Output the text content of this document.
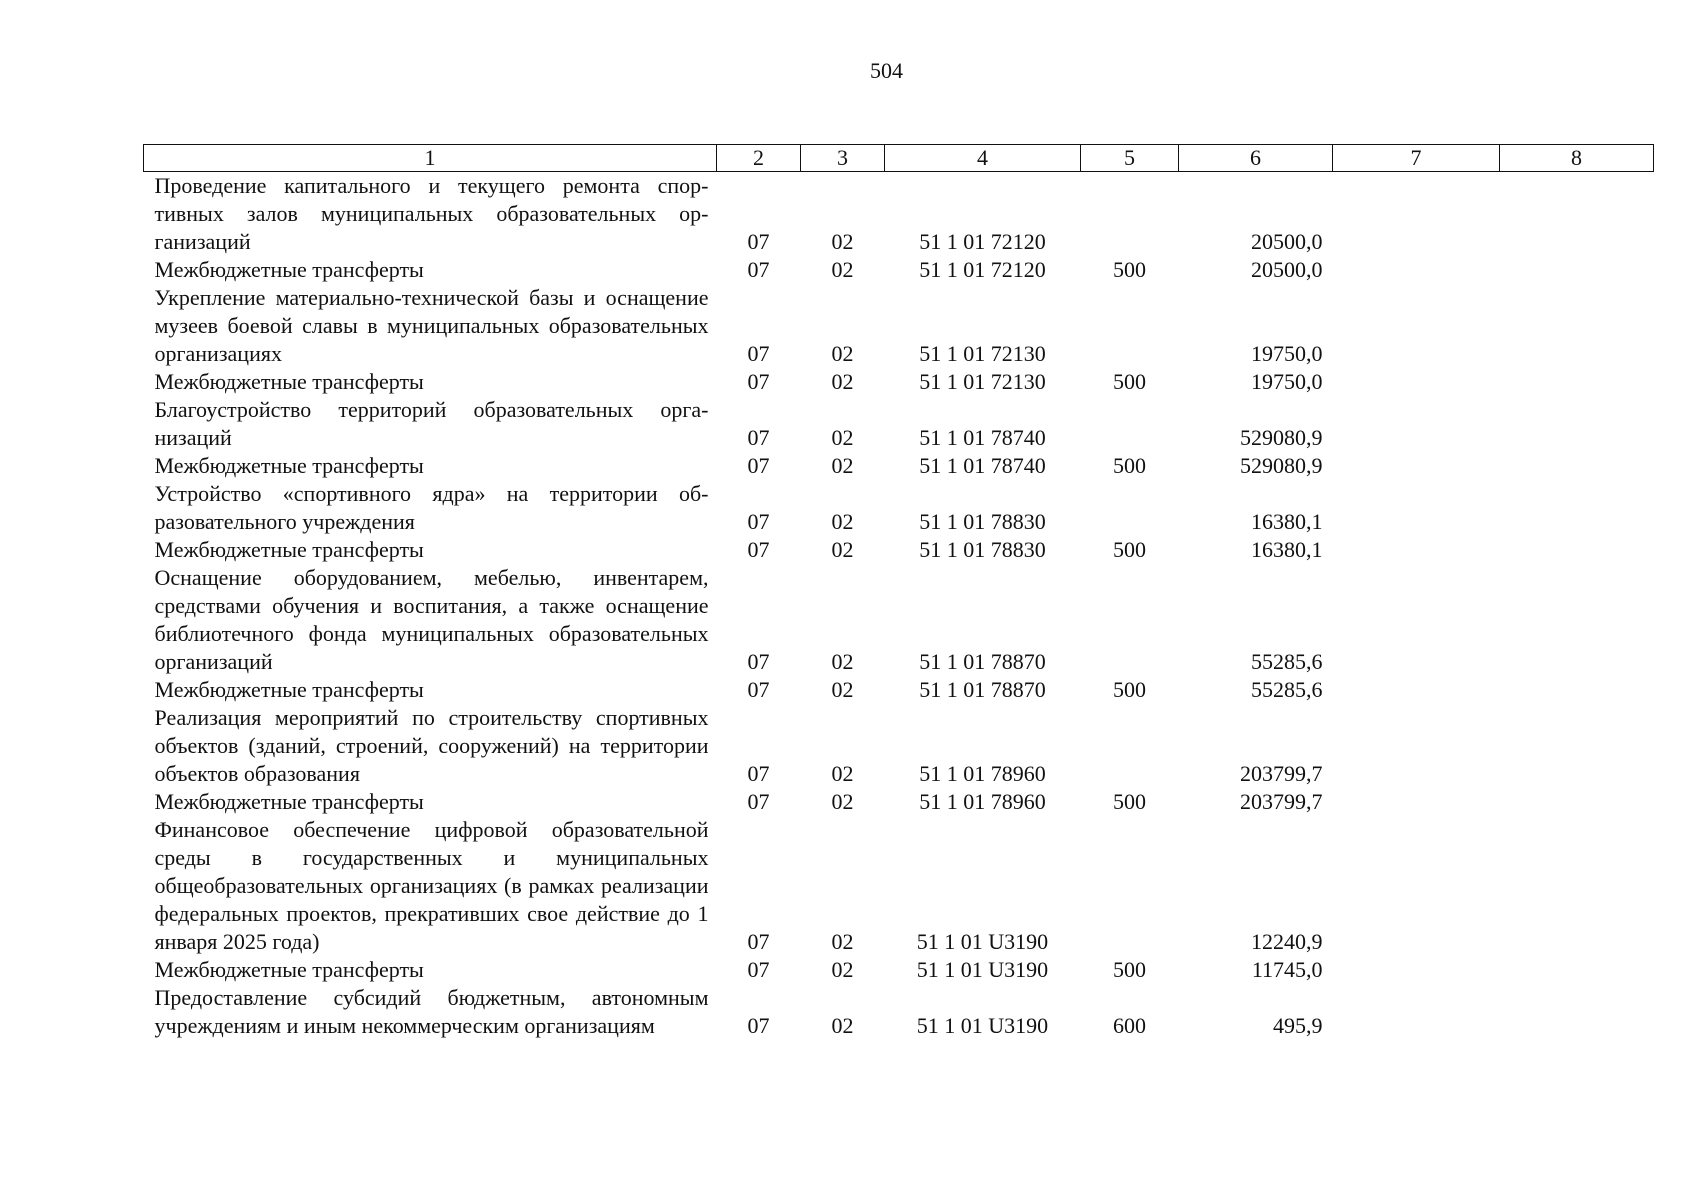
504
1	2	3	4	5	6	7	8
Проведение капитального и текущего ремонта спортивных залов муниципальных образовательных организаций	07	02	51 1 01 72120		20500,0		
Межбюджетные трансферты	07	02	51 1 01 72120	500	20500,0		
Укрепление материально-технической базы и оснащение музеев боевой славы в муниципальных образовательных организациях	07	02	51 1 01 72130		19750,0		
Межбюджетные трансферты	07	02	51 1 01 72130	500	19750,0		
Благоустройство территорий образовательных организаций	07	02	51 1 01 78740		529080,9		
Межбюджетные трансферты	07	02	51 1 01 78740	500	529080,9		
Устройство «спортивного ядра» на территории образовательного учреждения	07	02	51 1 01 78830		16380,1		
Межбюджетные трансферты	07	02	51 1 01 78830	500	16380,1		
Оснащение оборудованием, мебелью, инвентарем, средствами обучения и воспитания, а также оснащение библиотечного фонда муниципальных образовательных организаций	07	02	51 1 01 78870		55285,6		
Межбюджетные трансферты	07	02	51 1 01 78870	500	55285,6		
Реализация мероприятий по строительству спортивных объектов (зданий, строений, сооружений) на территории объектов образования	07	02	51 1 01 78960		203799,7		
Межбюджетные трансферты	07	02	51 1 01 78960	500	203799,7		
Финансовое обеспечение цифровой образовательной среды в государственных и муниципальных общеобразовательных организациях (в рамках реализации федеральных проектов, прекративших свое действие до 1 января 2025 года)	07	02	51 1 01 U3190		12240,9		
Межбюджетные трансферты	07	02	51 1 01 U3190	500	11745,0		
Предоставление субсидий бюджетным, автономным учреждениям и иным некоммерческим организациям	07	02	51 1 01 U3190	600	495,9		
